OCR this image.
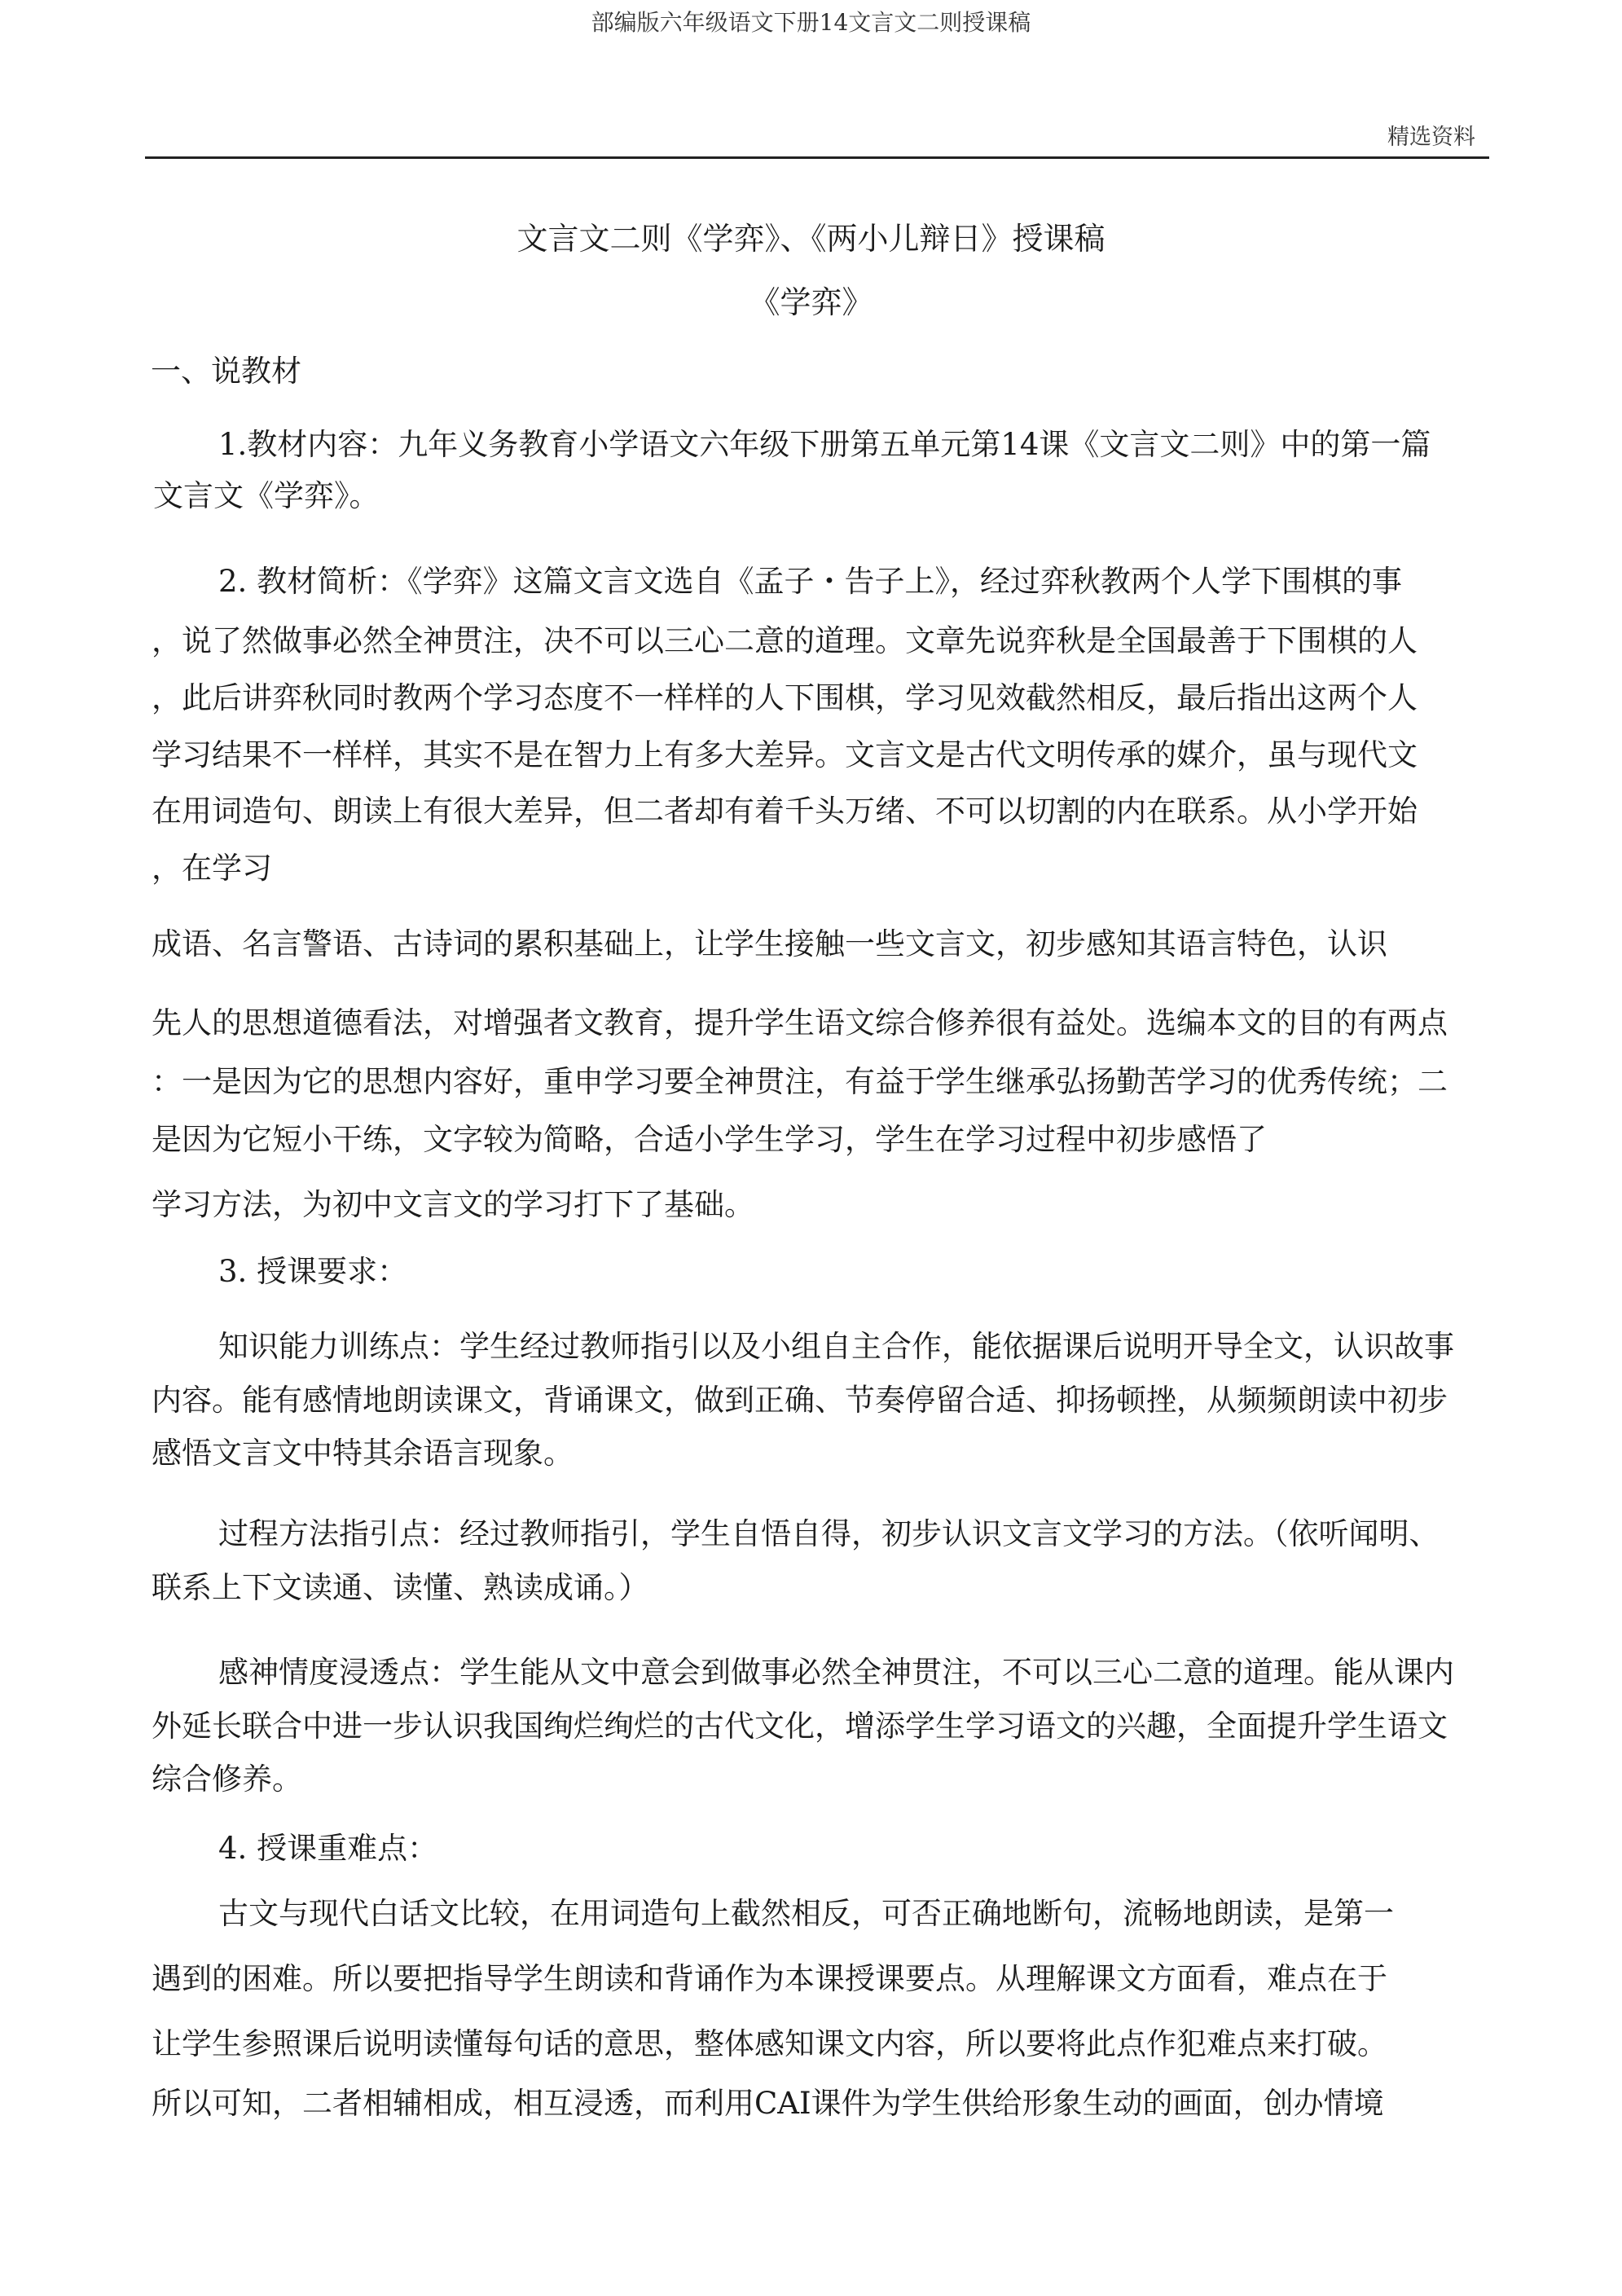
部编版六年级语文下册14文言文二则授课稿
精选资料
文言文二则《学弈》、《两小儿辩日》授课稿
《学弈》
一、说教材
1.教材内容：九年义务教育小学语文六年级下册第五单元第14课《文言文二则》中的第一篇
文言文《学弈》。
2. 教材简析：《学弈》这篇文言文选自《孟子・告子上》，经过弈秋教两个人学下围棋的事
，说了然做事必然全神贯注，决不可以三心二意的道理。文章先说弈秋是全国最善于下围棋的人
，此后讲弈秋同时教两个学习态度不一样样的人下围棋，学习见效截然相反，最后指出这两个人
学习结果不一样样，其实不是在智力上有多大差异。文言文是古代文明传承的媒介，虽与现代文
在用词造句、朗读上有很大差异，但二者却有着千头万绪、不可以切割的内在联系。从小学开始
，在学习
成语、名言警语、古诗词的累积基础上，让学生接触一些文言文，初步感知其语言特色，认识
先人的思想道德看法，对增强者文教育，提升学生语文综合修养很有益处。选编本文的目的有两点
：一是因为它的思想内容好，重申学习要全神贯注，有益于学生继承弘扬勤苦学习的优秀传统；二
是因为它短小干练，文字较为简略，合适小学生学习，学生在学习过程中初步感悟了
学习方法，为初中文言文的学习打下了基础。
3. 授课要求：
知识能力训练点：学生经过教师指引以及小组自主合作，能依据课后说明开导全文，认识故事
内容。能有感情地朗读课文，背诵课文，做到正确、节奏停留合适、抑扬顿挫，从频频朗读中初步
感悟文言文中特其余语言现象。
过程方法指引点：经过教师指引，学生自悟自得，初步认识文言文学习的方法。（依听闻明、
联系上下文读通、读懂、熟读成诵。）
感神情度浸透点：学生能从文中意会到做事必然全神贯注，不可以三心二意的道理。能从课内
外延长联合中进一步认识我国绚烂绚烂的古代文化，增添学生学习语文的兴趣，全面提升学生语文
综合修养。
4. 授课重难点：
古文与现代白话文比较，在用词造句上截然相反，可否正确地断句，流畅地朗读，是第一
遇到的困难。所以要把指导学生朗读和背诵作为本课授课要点。从理解课文方面看，难点在于
让学生参照课后说明读懂每句话的意思，整体感知课文内容，所以要将此点作犯难点来打破。
所以可知，二者相辅相成，相互浸透，而利用CAI课件为学生供给形象生动的画面，创办情境
